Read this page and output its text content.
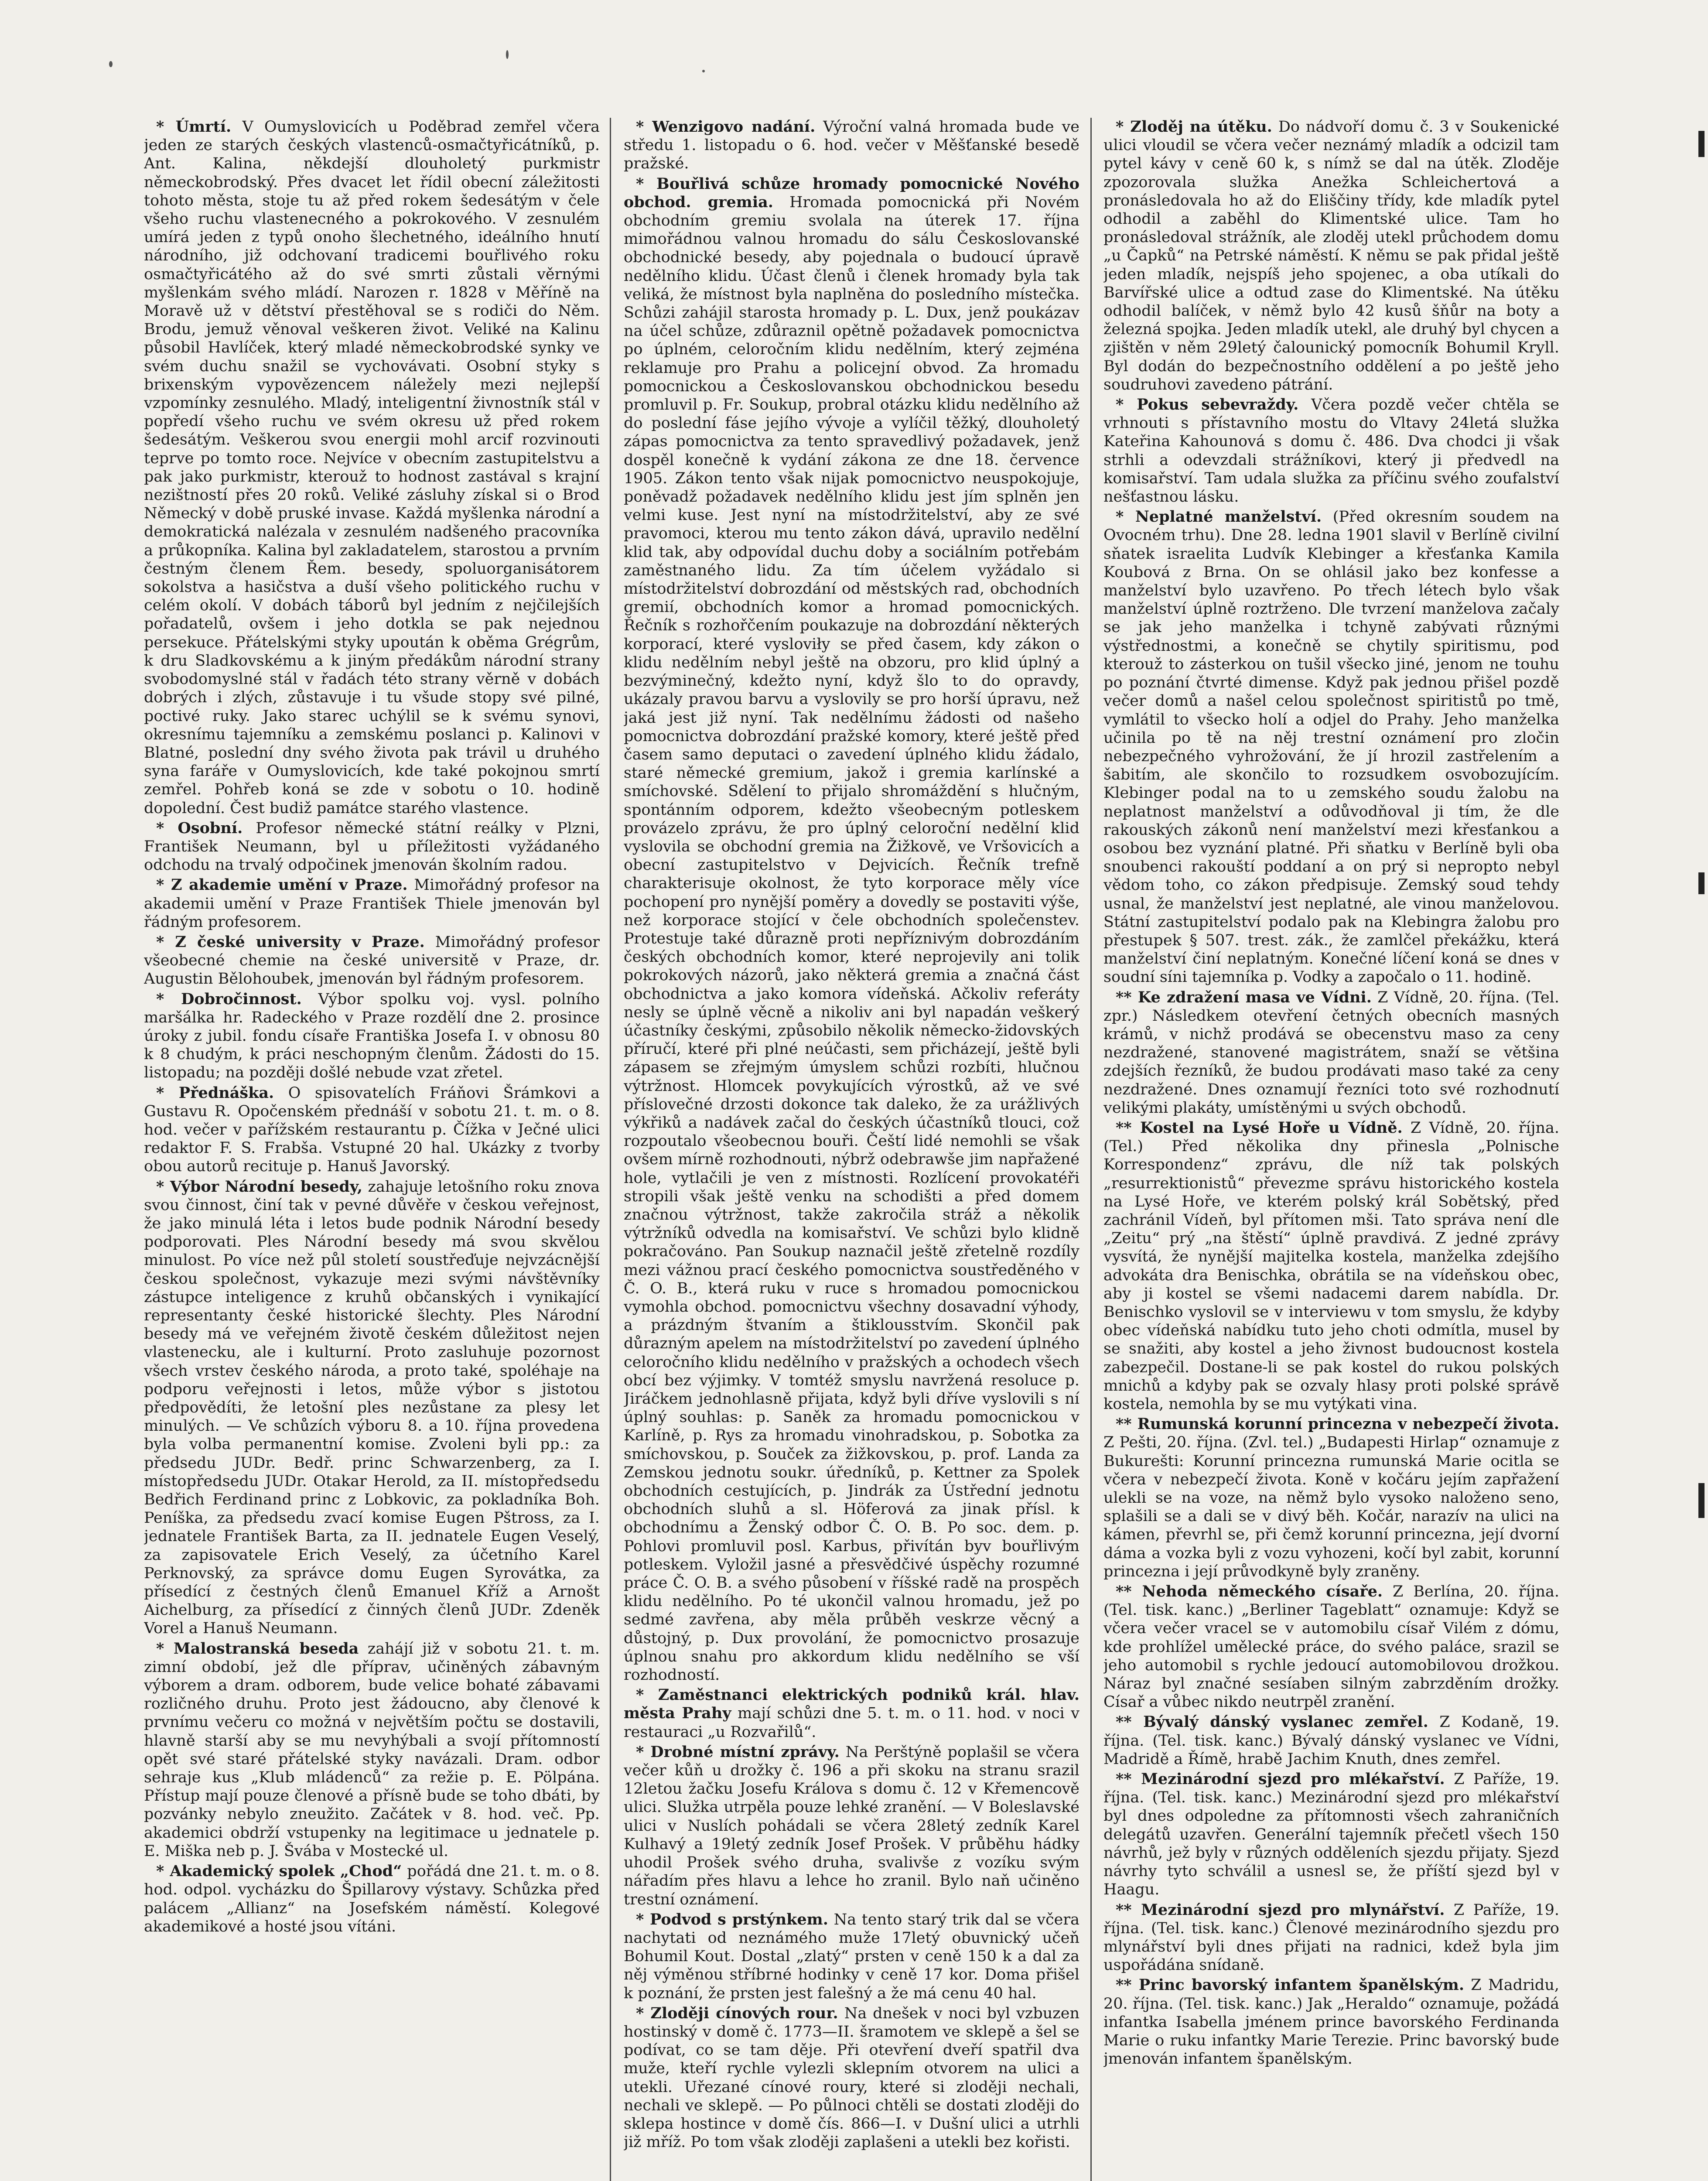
* Úmrtí. V Oumyslovicích u Poděbrad zemřel včera jeden ze starých českých vlastenců-osmačtyřicátníků, p. Ant. Kalina, někdejší dlouholetý purkmistr německobrodský. Přes dvacet let řídil obecní záležitosti tohoto města, stoje tu až před rokem šedesátým v čele všeho ruchu vlastenecného a pokrokového. V zesnulém umírá jeden z typů onoho šlechetného, ideálního hnutí národního, již odchovaní tradicemi bouřlivého roku osmačtyřicátého až do své smrti zůstali věrnými myšlenkám svého mládí. Narozen r. 1828 v Měříně na Moravě už v dětství přestěhoval se s rodiči do Něm. Brodu, jemuž věnoval veškeren život. Veliké na Kalinu působil Havlíček, který mladé německobrodské synky ve svém duchu snažil se vychovávati. Osobní styky s brixenským vypovězencem náležely mezi nejlepší vzpomínky zesnulého. Mladý, inteligentní živnostník stál v popředí všeho ruchu ve svém okresu už před rokem šedesátým. Veškerou svou energii mohl arcif rozvinouti teprve po tomto roce. Nejvíce v obecním zastupitelstvu a pak jako purkmistr, kterouž to hodnost zastával s krajní nezištností přes 20 roků. Veliké zásluhy získal si o Brod Německý v době pruské invase. Každá myšlenka národní a demokratická nalézala v zesnulém nadšeného pracovníka a průkopníka. Kalina byl zakladatelem, starostou a prvním čestným členem Řem. besedy, spoluorganisátorem sokolstva a hasičstva a duší všeho politického ruchu v celém okolí. V dobách táborů byl jedním z nejčilejších pořadatelů, ovšem i jeho dotkla se pak nejednou persekuce. Přátelskými styky upoután k oběma Grégrům, k dru Sladkovskému a k jiným předákům národní strany svobodomyslné stál v řadách této strany věrně v dobách dobrých i zlých, zůstavuje i tu všude stopy své pilné, poctivé ruky. Jako starec uchýlil se k svému synovi, okresnímu tajemníku a zemskému poslanci p. Kalinovi v Blatné, poslední dny svého života pak trávil u druhého syna faráře v Oumyslovicích, kde také pokojnou smrtí zemřel. Pohřeb koná se zde v sobotu o 10. hodině dopolední. Čest budiž památce starého vlastence.

* Osobní. Profesor německé státní reálky v Plzni, František Neumann, byl u příležitosti vyžádaného odchodu na trvalý odpočinek jmenován školním radou.

* Z akademie umění v Praze. Mimořádný profesor na akademii umění v Praze František Thiele jmenován byl řádným profesorem.

* Z české university v Praze. Mimořádný profesor všeobecné chemie na české universitě v Praze, dr. Augustin Bělohoubek, jmenován byl řádným profesorem.

* Dobročinnost. Výbor spolku voj. vysl. polního maršálka hr. Radeckého v Praze rozdělí dne 2. prosince úroky z jubil. fondu císaře Františka Josefa I. v obnosu 80 k 8 chudým, k práci neschopným členům. Žádosti do 15. listopadu; na později došlé nebude vzat zřetel.

* Přednáška. O spisovatelích Fráňovi Šrámkovi a Gustavu R. Opočenském přednáší v sobotu 21. t. m. o 8. hod. večer v pařížském restaurantu p. Čížka v Ječné ulici redaktor F. S. Frabša. Vstupné 20 hal. Ukázky z tvorby obou autorů recituje p. Hanuš Javorský.

* Výbor Národní besedy, zahajuje letošního roku znova svou činnost, činí tak v pevné důvěře v českou veřejnost, že jako minulá léta i letos bude podnik Národní besedy podporovati. Ples Národní besedy má svou skvělou minulost. Po více než půl století soustřeďuje nejvzácnější českou společnost, vykazuje mezi svými návštěvníky zástupce inteligence z kruhů občanských i vynikající representanty české historické šlechty. Ples Národní besedy má ve veřejném životě českém důležitost nejen vlastenecku, ale i kulturní. Proto zasluhuje pozornost všech vrstev českého národa, a proto také, spoléhaje na podporu veřejnosti i letos, může výbor s jistotou předpovědíti, že letošní ples nezůstane za plesy let minulých. — Ve schůzích výboru 8. a 10. října provedena byla volba permanentní komise. Zvoleni byli pp.: za předsedu JUDr. Bedř. princ Schwarzenberg, za I. místopředsedu JUDr. Otakar Herold, za II. místopředsedu Bedřich Ferdinand princ z Lobkovic, za pokladníka Boh. Peníška, za předsedu zvací komise Eugen Pštross, za I. jednatele František Barta, za II. jednatele Eugen Veselý, za zapisovatele Erich Veselý, za účetního Karel Perknovský, za správce domu Eugen Syrovátka, za přísedící z čestných členů Emanuel Kříž a Arnošt Aichelburg, za přísedící z činných členů JUDr. Zdeněk Vorel a Hanuš Neumann.

* Malostranská beseda zahájí již v sobotu 21. t. m. zimní období, jež dle příprav, učiněných zábavným výborem a dram. odborem, bude velice bohaté zábavami rozličného druhu. Proto jest žádoucno, aby členové k prvnímu večeru co možná v největším počtu se dostavili, hlavně starší aby se mu nevyhýbali a svojí přítomností opět své staré přátelské styky navázali. Dram. odbor sehraje kus „Klub mládenců“ za režie p. E. Pölpána. Přístup mají pouze členové a přísně bude se toho dbáti, by pozvánky nebylo zneužito. Začátek v 8. hod. več. Pp. akademici obdrží vstupenky na legitimace u jednatele p. E. Miška neb p. J. Švába v Mostecké ul.

* Akademický spolek „Chod“ pořádá dne 21. t. m. o 8. hod. odpol. vycházku do Špillarovy výstavy. Schůzka před palácem „Allianz“ na Josefském náměstí. Kolegové akademikové a hosté jsou vítáni.

* Wenzigovo nadání. Výroční valná hromada bude ve středu 1. listopadu o 6. hod. večer v Měšťanské besedě pražské.

* Bouřlivá schůze hromady pomocnické Nového obchod. gremia. Hromada pomocnická při Novém obchodním gremiu svolala na úterek 17. října mimořádnou valnou hromadu do sálu Českoslovanské obchodnické besedy, aby pojednala o budoucí úpravě nedělního klidu. Účast členů i členek hromady byla tak veliká, že místnost byla naplněna do posledního místečka. Schůzi zahájil starosta hromady p. L. Dux, jenž poukázav na účel schůze, zdůraznil opětně požadavek pomocnictva po úplném, celoročním klidu nedělním, který zejména reklamuje pro Prahu a policejní obvod. Za hromadu pomocnickou a Českoslovanskou obchodnickou besedu promluvil p. Fr. Soukup, probral otázku klidu nedělního až do poslední fáse jejího vývoje a vylíčil těžký, dlouholetý zápas pomocnictva za tento spravedlivý požadavek, jenž dospěl konečně k vydání zákona ze dne 18. července 1905. Zákon tento však nijak pomocnictvo neuspokojuje, poněvadž požadavek nedělního klidu jest jím splněn jen velmi kuse. Jest nyní na místodržitelství, aby ze své pravomoci, kterou mu tento zákon dává, upravilo nedělní klid tak, aby odpovídal duchu doby a sociálním potřebám zaměstnaného lidu. Za tím účelem vyžádalo si místodržitelství dobrozdání od městských rad, obchodních gremií, obchodních komor a hromad pomocnických. Řečník s rozhořčením poukazuje na dobrozdání některých korporací, které vysloviły se před časem, kdy zákon o klidu nedělním nebyl ještě na obzoru, pro klid úplný a bezvýminečný, kdežto nyní, když šlo to do opravdy, ukázaly pravou barvu a vyslovily se pro horší úpravu, než jaká jest již nyní. Tak nedělnímu žádosti od našeho pomocnictva dobrozdání pražské komory, které ještě před časem samo deputaci o zavedení úplného klidu žádalo, staré německé gremium, jakož i gremia karlínské a smíchovské. Sdělení to přijalo shromáždění s hlučným, spontánním odporem, kdežto všeobecným potleskem provázelo zprávu, že pro úplný celoroční nedělní klid vyslovila se obchodní gremia na Žižkově, ve Vršovicích a obecní zastupitelstvo v Dejvicích. Řečník trefně charakterisuje okolnost, že tyto korporace měly více pochopení pro nynější poměry a dovedly se postaviti výše, než korporace stojící v čele obchodních společenstev. Protestuje také důrazně proti nepříznivým dobrozdáním českých obchodních komor, které neprojevily ani tolik pokrokových názorů, jako některá gremia a značná část obchodnictva a jako komora vídeňská. Ačkoliv referáty nesly se úplně věcně a nikoliv ani byl napadán veškerý účastníky českými, způsobilo několik německo-židovských příručí, které při plné neúčasti, sem přicházejí, ještě byli zápasem se zřejmým úmyslem schůzi rozbíti, hlučnou výtržnost. Hlomcek povykujících výrostků, až ve své příslovečné drzosti dokonce tak daleko, že za urážlivých výkřiků a nadávek začal do českých účastníků tlouci, což rozpoutalo všeobecnou bouři. Čeští lidé nemohli se však ovšem mírně rozhodnouti, nýbrž odebrawše jim napřažené hole, vytlačili je ven z místnosti. Rozlícení provokatéři stropili však ještě venku na schodišti a před domem značnou výtržnost, takže zakročila stráž a několik výtržníků odvedla na komisařství. Ve schůzi bylo klidně pokračováno. Pan Soukup naznačil ještě zřetelně rozdíly mezi vážnou prací českého pomocnictva soustředěného v Č. O. B., která ruku v ruce s hromadou pomocnickou vymohla obchod. pomocnictvu všechny dosavadní výhody, a prázdným štvaním a štiklousstvím. Skončil pak důrazným apelem na místodržitelství po zavedení úplného celoročního klidu nedělního v pražských a ochodech všech obcí bez výjimky. V tomtéž smyslu navržená resoluce p. Jiráčkem jednohlasně přijata, když byli dříve vyslovili s ní úplný souhlas: p. Saněk za hromadu pomocnickou v Karlíně, p. Rys za hromadu vinohradskou, p. Sobotka za smíchovskou, p. Souček za žižkovskou, p. prof. Landa za Zemskou jednotu soukr. úředníků, p. Kettner za Spolek obchodních cestujících, p. Jindrák za Ústřední jednotu obchodních sluhů a sl. Höferová za jinak přísl. k obchodnímu a Ženský odbor Č. O. B. Po soc. dem. p. Pohlovi promluvil posl. Karbus, přivítán byv bouřlivým potleskem. Vyložil jasné a přesvědčivé úspěchy rozumné práce Č. O. B. a svého působení v říšské radě na prospěch klidu nedělního. Po té ukončil valnou hromadu, jež po sedmé zavřena, aby měla průběh veskrze věcný a důstojný, p. Dux provolání, že pomocnictvo prosazuje úplnou snahu pro akkordum klidu nedělního se vší rozhodností.

* Zaměstnanci elektrických podniků král. hlav. města Prahy mají schůzi dne 5. t. m. o 11. hod. v noci v restauraci „u Rozvařilů“.

* Drobné místní zprávy. Na Perštýně poplašil se včera večer kůň u drožky č. 196 a při skoku na stranu srazil 12letou žačku Josefu Králova s domu č. 12 v Křemencově ulici. Služka utrpěla pouze lehké zranění. — V Boleslavské ulici v Nuslích pohádali se včera 28letý zedník Karel Kulhavý a 19letý zedník Josef Prošek. V průběhu hádky uhodil Prošek svého druha, svalivše z vozíku svým nářadím přes hlavu a lehce ho zranil. Bylo naň učiněno trestní oznámení.

* Podvod s prstýnkem. Na tento starý trik dal se včera nachytati od neznámého muže 17letý obuvnický učeň Bohumil Kout. Dostal „zlatý“ prsten v ceně 150 k a dal za něj výměnou stříbrné hodinky v ceně 17 kor. Doma přišel k poznání, že prsten jest falešný a že má cenu 40 hal.

* Zloději cínových rour. Na dnešek v noci byl vzbuzen hostinský v domě č. 1773—II. šramotem ve sklepě a šel se podívat, co se tam děje. Při otevření dveří spatřil dva muže, kteří rychle vylezli sklepním otvorem na ulici a utekli. Uřezané cínové roury, které si zloději nechali, nechali ve sklepě. — Po půlnoci chtěli se dostati zloději do sklepa hostince v domě čís. 866—I. v Dušní ulici a utrhli již mříž. Po tom však zloději zaplašeni a utekli bez kořisti.

* Zloděj na útěku. Do nádvoří domu č. 3 v Soukenické ulici vloudil se včera večer neznámý mladík a odcizil tam pytel kávy v ceně 60 k, s nímž se dal na útěk. Zloděje zpozorovala služka Anežka Schleichertová a pronásledovala ho až do Eliščiny třídy, kde mladík pytel odhodil a zaběhl do Klimentské ulice. Tam ho pronásledoval strážník, ale zloděj utekl průchodem domu „u Čapků“ na Petrské náměstí. K němu se pak přidal ještě jeden mladík, nejspíš jeho spojenec, a oba utíkali do Barvířské ulice a odtud zase do Klimentské. Na útěku odhodil balíček, v němž bylo 42 kusů šňůr na boty a železná spojka. Jeden mladík utekl, ale druhý byl chycen a zjištěn v něm 29letý čalounický pomocník Bohumil Kryll. Byl dodán do bezpečnostního oddělení a po ještě jeho soudruhovi zavedeno pátrání.

* Pokus sebevraždy. Včera pozdě večer chtěla se vrhnouti s přístavního mostu do Vltavy 24letá služka Kateřina Kahounová s domu č. 486. Dva chodci ji však strhli a odevzdali strážníkovi, který ji předvedl na komisařství. Tam udala služka za příčinu svého zoufalství nešťastnou lásku.

* Neplatné manželství. (Před okresním soudem na Ovocném trhu). Dne 28. ledna 1901 slavil v Berlíně civilní sňatek israelita Ludvík Klebinger a křesťanka Kamila Koubová z Brna. On se ohlásil jako bez konfesse a manželství bylo uzavřeno. Po třech létech bylo však manželství úplně roztrženo. Dle tvrzení manželova začaly se jak jeho manželka i tchyně zabývati různými výstřednostmi, a konečně se chytily spiritismu, pod kterouž to zásterkou on tušil všecko jiné, jenom ne touhu po poznání čtvrté dimense. Když pak jednou přišel pozdě večer domů a našel celou společnost spiritistů po tmě, vymlátil to všecko holí a odjel do Prahy. Jeho manželka učinila po tě na něj trestní oznámení pro zločin nebezpečného vyhrožování, že jí hrozil zastřelením a šabitím, ale skončilo to rozsudkem osvobozujícím. Klebinger podal na to u zemského soudu žalobu na neplatnost manželství a odůvodňoval ji tím, že dle rakouských zákonů není manželství mezi křesťankou a osobou bez vyznání platné. Při sňatku v Berlíně byli oba snoubenci rakouští poddaní a on prý si nepropto nebyl vědom toho, co zákon předpisuje. Zemský soud tehdy usnal, že manželství jest neplatné, ale vinou manželovou. Státní zastupitelství podalo pak na Klebingra žalobu pro přestupek § 507. trest. zák., že zamlčel překážku, která manželství činí neplatným. Konečné líčení koná se dnes v soudní síni tajemníka p. Vodky a započalo o 11. hodině.

** Ke zdražení masa ve Vídni. Z Vídně, 20. října. (Tel. zpr.) Následkem otevření četných obecních masných krámů, v nichž prodává se obecenstvu maso za ceny nezdražené, stanovené magistrátem, snaží se většina zdejších řezníků, že budou prodávati maso také za ceny nezdražené. Dnes oznamují řezníci toto své rozhodnutí velikými plakáty, umístěnými u svých obchodů.

** Kostel na Lysé Hoře u Vídně. Z Vídně, 20. října. (Tel.) Před několika dny přinesla „Polnische Korrespondenz“ zprávu, dle níž tak polských „resurrektionistů“ převezme správu historického kostela na Lysé Hoře, ve kterém polský král Sobětský, před zachránil Vídeň, byl přítomen mši. Tato správa není dle „Zeitu“ prý „na štěstí“ úplně pravdivá. Z jedné zprávy vysvítá, že nynější majitelka kostela, manželka zdejšího advokáta dra Benischka, obrátila se na vídeňskou obec, aby ji kostel se všemi nadacemi darem nabídla. Dr. Benischko vyslovil se v interviewu v tom smyslu, že kdyby obec vídeňská nabídku tuto jeho choti odmítla, musel by se snažiti, aby kostel a jeho živnost budoucnost kostela zabezpečil. Dostane-li se pak kostel do rukou polských mnichů a kdyby pak se ozvaly hlasy proti polské správě kostela, nemohla by se mu vytýkati vina.

** Rumunská korunní princezna v nebezpečí života. Z Pešti, 20. října. (Zvl. tel.) „Budapesti Hirlap“ oznamuje z Bukurešti: Korunní princezna rumunská Marie ocitla se včera v nebezpečí života. Koně v kočáru jejím zapřažení ulekli se na voze, na němž bylo vysoko naloženo seno, splašili se a dali se v divý běh. Kočár, narazív na ulici na kámen, převrhl se, při čemž korunní princezna, její dvorní dáma a vozka byli z vozu vyhozeni, kočí byl zabit, korunní princezna i její průvodkyně byly zraněny.

** Nehoda německého císaře. Z Berlína, 20. října. (Tel. tisk. kanc.) „Berliner Tageblatt“ oznamuje: Když se včera večer vracel se v automobilu císař Vilém z dómu, kde prohlížel umělecké práce, do svého paláce, srazil se jeho automobil s rychle jedoucí automobilovou drožkou. Náraz byl značné sesíaben silným zabrzděním drožky. Císař a vůbec nikdo neutrpěl zranění.

** Bývalý dánský vyslanec zemřel. Z Kodaně, 19. října. (Tel. tisk. kanc.) Bývalý dánský vyslanec ve Vídni, Madridě a Římě, hrabě Jachim Knuth, dnes zemřel.

** Mezinárodní sjezd pro mlékařství. Z Paříže, 19. října. (Tel. tisk. kanc.) Mezinárodní sjezd pro mlékařství byl dnes odpoledne za přítomnosti všech zahraničních delegátů uzavřen. Generální tajemník přečetl všech 150 návrhů, jež byly v různých odděleních sjezdu přijaty. Sjezd návrhy tyto schválil a usnesl se, že příští sjezd byl v Haagu.

** Mezinárodní sjezd pro mlynářství. Z Paříže, 19. října. (Tel. tisk. kanc.) Členové mezinárodního sjezdu pro mlynářství byli dnes přijati na radnici, kdež byla jim uspořádána snídaně.

** Princ bavorský infantem španělským. Z Madridu, 20. října. (Tel. tisk. kanc.) Jak „Heraldo“ oznamuje, požádá infantka Isabella jménem prince bavorského Ferdinanda Marie o ruku infantky Marie Terezie. Princ bavorský bude jmenován infantem španělským.
